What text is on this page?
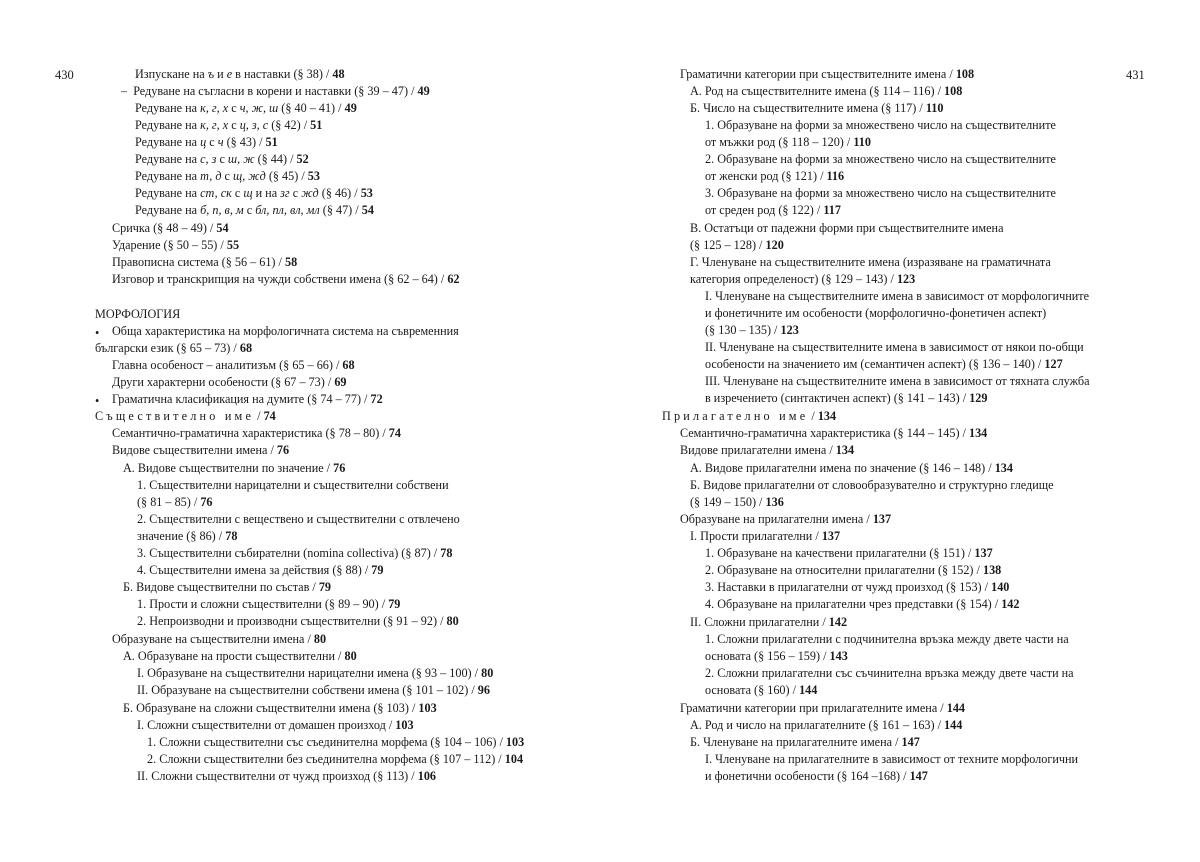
430	431
Изпускане на ъ и е в наставки (§ 38) / 48
–  Редуване на съгласни в корени и наставки (§ 39 – 47) / 49
Редуване на к, г, х с ч, ж, ш (§ 40 – 41) / 49
Редуване на к, г, х с ц, з, с (§ 42) / 51
Редуване на ц с ч (§ 43) / 51
Редуване на с, з с ш, ж (§ 44) / 52
Редуване на т, д с щ, жд (§ 45) / 53
Редуване на ст, ск с щ и на зг с жд (§ 46) / 53
Редуване на б, п, в, м с бл, пл, вл, мл (§ 47) / 54
Сричка (§ 48 – 49) / 54
Ударение (§ 50 – 55) / 55
Правописна система (§ 56 – 61) / 58
Изговор и транскрипция на чужди собствени имена (§ 62 – 64) / 62
МОРФОЛОГИЯ
Обща характеристика на морфологичната система на съвременния
български език (§ 65 – 73) / 68
Главна особеност – аналитизъм (§ 65 – 66) / 68
Други характерни особености (§ 67 – 73) / 69
Граматична класификация на думите (§ 74 – 77) / 72
Съществително име / 74
Семантично-граматична характеристика (§ 78 – 80) / 74
Видове съществителни имена / 76
А. Видове съществителни по значение / 76
1. Съществителни нарицателни и съществителни собствени
(§ 81 – 85) / 76
2. Съществителни с веществено и съществителни с отвлечено
значение (§ 86) / 78
3. Съществителни събирателни (nomina collectiva) (§ 87) / 78
4. Съществителни имена за действия (§ 88) / 79
Б. Видове съществителни по състав / 79
1. Прости и сложни съществителни (§ 89 – 90) / 79
2. Непроизводни и производни съществителни (§ 91 – 92) / 80
Образуване на съществителни имена / 80
А. Образуване на прости съществителни / 80
I. Образуване на съществителни нарицателни имена (§ 93 – 100) / 80
II. Образуване на съществителни собствени имена (§ 101 – 102) / 96
Б. Образуване на сложни съществителни имена (§ 103) / 103
I. Сложни съществителни от домашен произход / 103
1. Сложни съществителни със съединителна морфема (§ 104 – 106) / 103
2. Сложни съществителни без съединителна морфема (§ 107 – 112) / 104
II. Сложни съществителни от чужд произход (§ 113) / 106
Граматични категории при съществителните имена / 108
А. Род на съществителните имена (§ 114 – 116) / 108
Б. Число на съществителните имена (§ 117) / 110
1. Образуване на форми за множествено число на съществителните
от мъжки род (§ 118 – 120) / 110
2. Образуване на форми за множествено число на съществителните
от женски род (§ 121) / 116
3. Образуване на форми за множествено число на съществителните
от среден род (§ 122) / 117
В. Остатъци от падежни форми при съществителните имена
(§ 125 – 128) / 120
Г. Членуване на съществителните имена (изразяване на граматичната
категория определеност) (§ 129 – 143) / 123
I. Членуване на съществителните имена в зависимост от морфологичните
и фонетичните им особености (морфологично-фонетичен аспект)
(§ 130 – 135) / 123
II. Членуване на съществителните имена в зависимост от някои по-общи
особености на значението им (семантичен аспект) (§ 136 – 140) / 127
III. Членуване на съществителните имена в зависимост от тяхната служба
в изречението (синтактичен аспект) (§ 141 – 143) / 129
Прилагателно име / 134
Семантично-граматична характеристика (§ 144 – 145) / 134
Видове прилагателни имена / 134
А. Видове прилагателни имена по значение (§ 146 – 148) / 134
Б. Видове прилагателни от словообразувателно и структурно гледище
(§ 149 – 150) / 136
Образуване на прилагателни имена / 137
I. Прости прилагателни / 137
1. Образуване на качествени прилагателни (§ 151) / 137
2. Образуване на относителни прилагателни (§ 152) / 138
3. Наставки в прилагателни от чужд произход (§ 153) / 140
4. Образуване на прилагателни чрез представки (§ 154) / 142
II. Сложни прилагателни / 142
1. Сложни прилагателни с подчинителна връзка между двете части на
основата (§ 156 – 159) / 143
2. Сложни прилагателни със съчинителна връзка между двете части на
основата (§ 160) / 144
Граматични категории при прилагателните имена / 144
А. Род и число на прилагателните (§ 161 – 163) / 144
Б. Членуване на прилагателните имена / 147
I. Членуване на прилагателните в зависимост от техните морфологични
и фонетични особености (§ 164 –168) / 147
•
•
